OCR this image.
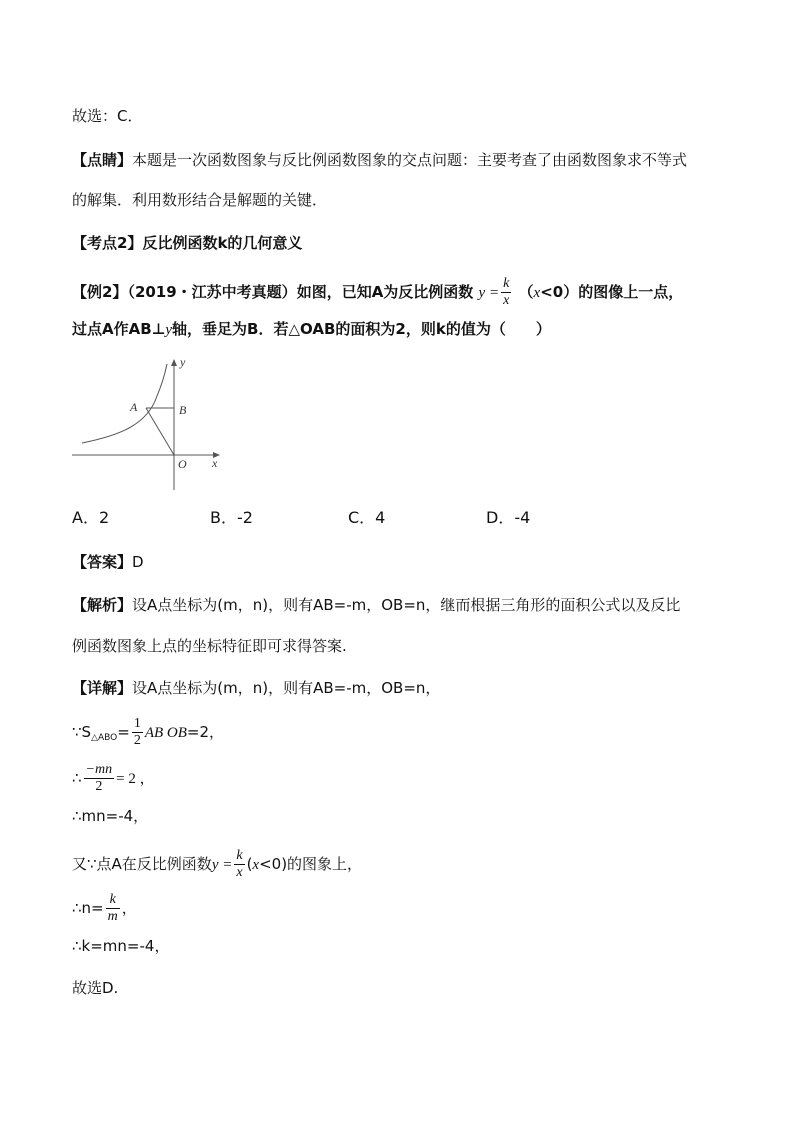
故选：C．
【点睛】本题是一次函数图象与反比例函数图象的交点问题：主要考查了由函数图象求不等式
的解集．利用数形结合是解题的关键．
【考点2】反比例函数k的几何意义
【例2】（2019・江苏中考真题）如图，已知A为反比例函数 $y = \frac{k}{x} (x<0)$的图像上一点，
过点A作AB⊥y轴，垂足为B．若△OAB的面积为2，则k的值为（　　）
y
x
A	B
O
A．2	B．-2	C．4	D．-4
【答案】D
【解析】设A点坐标为(m，n)，则有AB=-m，OB=n，继而根据三角形的面积公式以及反比
例函数图象上点的坐标特征即可求得答案.
【详解】设A点坐标为(m，n)，则有AB=-m，OB=n，
$\because S_{\triangle ABO}= \frac{1}{2}$ AB OB=2，
∴ $\frac{-mn}{2} = 2$ ，
∴mn=-4，
又∵点A在反比例函数$y = \frac{k}{x} (x<0)$的图象上，
∴n= $\frac{k}{m}$ ，
∴k=mn=-4，
故选D.
